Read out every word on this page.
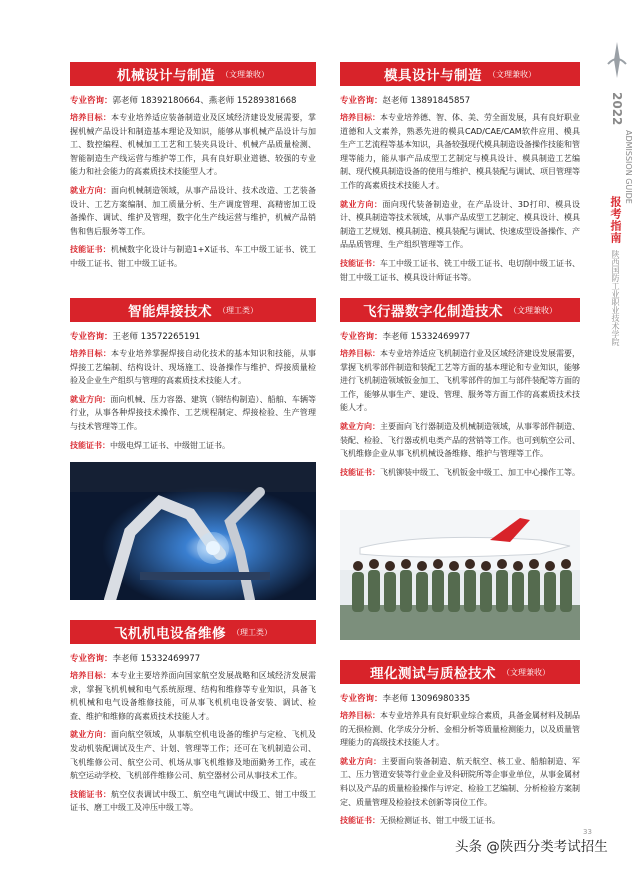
机械设计与制造 （文理兼收）
专业咨询：郭老师 18392180664、燕老师 15289381668

培养目标：本专业培养适应装备制造业及区域经济建设发展需要，掌握机械产品设计和制造基本理论及知识，能够从事机械产品设计与加工、数控编程、机械加工工艺和工装夹具设计、机械产品质量检测、智能制造生产线运营与维护等工作，具有良好职业道德、较强的专业能力和社会能力的高素质技术技能型人才。

就业方向：面向机械制造领域，从事产品设计、技术改造、工艺装备设计、工艺方案编制、加工质量分析、生产调度管理、高精密加工设备操作、调试、维护及管理，数字化生产线运营与维护，机械产品销售和售后服务等工作。

技能证书：机械数字化设计与制造1+X证书、车工中级工证书、铣工中级工证书、钳工中级工证书。

模具设计与制造 （文理兼收）
专业咨询：赵老师 13891845857

培养目标：本专业培养德、智、体、美、劳全面发展，具有良好职业道德和人文素养，熟悉先进的模具CAD/CAE/CAM软件应用、模具生产工艺流程等基本知识，具备较强现代模具制造设备操作技能和管理等能力，能从事产品成型工艺制定与模具设计、模具制造工艺编制、现代模具制造设备的使用与维护、模具装配与调试、项目管理等工作的高素质技术技能人才。

就业方向：面向现代装备制造业，在产品设计、3D打印、模具设计、模具制造等技术领域，从事产品成型工艺制定、模具设计、模具制造工艺规划、模具制造、模具装配与调试、快速成型设备操作、产品品质管理、生产组织管理等工作。

技能证书：车工中级工证书、铣工中级工证书、电切削中级工证书、钳工中级工证书、模具设计师证书等。

智能焊接技术 （理工类）
专业咨询：王老师 13572265191

培养目标：本专业培养掌握焊接自动化技术的基本知识和技能，从事焊接工艺编制、结构设计、现场施工、设备操作与维护、焊接质量检验及企业生产组织与管理的高素质技术技能人才。

就业方向：面向机械、压力容器、建筑（钢结构制造）、船舶、车辆等行业，从事各种焊接技术操作、工艺规程制定、焊接检验、生产管理与技术管理等工作。

技能证书：中级电焊工证书、中级钳工证书。

飞行器数字化制造技术 （文理兼收）
专业咨询：李老师 15332469977

培养目标：本专业培养适应飞机制造行业及区域经济建设发展需要，掌握飞机零部件制造和装配工艺等方面的基本理论和专业知识，能够进行飞机制造领域钣金加工、飞机零部件的加工与部件装配等方面的工作，能够从事生产、建设、管理、服务等方面工作的高素质技术技能人才。

就业方向：主要面向飞行器制造及机械制造领域，从事零部件制造、装配、检验、飞行器或机电类产品的营销等工作。也可到航空公司、飞机维修企业从事飞机机械设备维修、维护与管理等工作。

技能证书：飞机铆装中级工、飞机钣金中级工、加工中心操作工等。

飞机机电设备维修 （理工类）
专业咨询：李老师 15332469977

培养目标：本专业主要培养面向国家航空发展战略和区域经济发展需求，掌握飞机机械和电气系统原理、结构和维修等专业知识，具备飞机机械和电气设备维修技能，可从事飞机机电设备安装、调试、检查、维护和维修的高素质技术技能人才。

就业方向：面向航空领域，从事航空机电设备的维护与定检、飞机及发动机装配调试及生产、计划、管理等工作；还可在飞机制造公司、飞机维修公司、航空公司、机场从事飞机维修及地面勤务工作，或在航空运动学校、飞机部件维修公司、航空器材公司从事技术工作。

技能证书：航空仪表调试中级工、航空电气调试中级工、钳工中级工证书、磨工中级工及冲压中级工等。

理化测试与质检技术 （文理兼收）
专业咨询：李老师 13096980335

培养目标：本专业培养具有良好职业综合素质，具备金属材料及制品的无损检测、化学成分分析、金相分析等质量检测能力，以及质量管理能力的高级技术技能人才。

就业方向：主要面向装备制造、航天航空、核工业、船舶制造、军工、压力管道安装等行业企业及科研院所等企事业单位，从事金属材料以及产品的质量检验操作与评定、检验工艺编制、分析检验方案制定、质量管理及检验技术创新等岗位工作。

技能证书：无损检测证书、钳工中级工证书。

2022
ADMISSION GUIDE
报考指南
陕西国防工业职业技术学院
33
头条 @陕西分类考试招生
